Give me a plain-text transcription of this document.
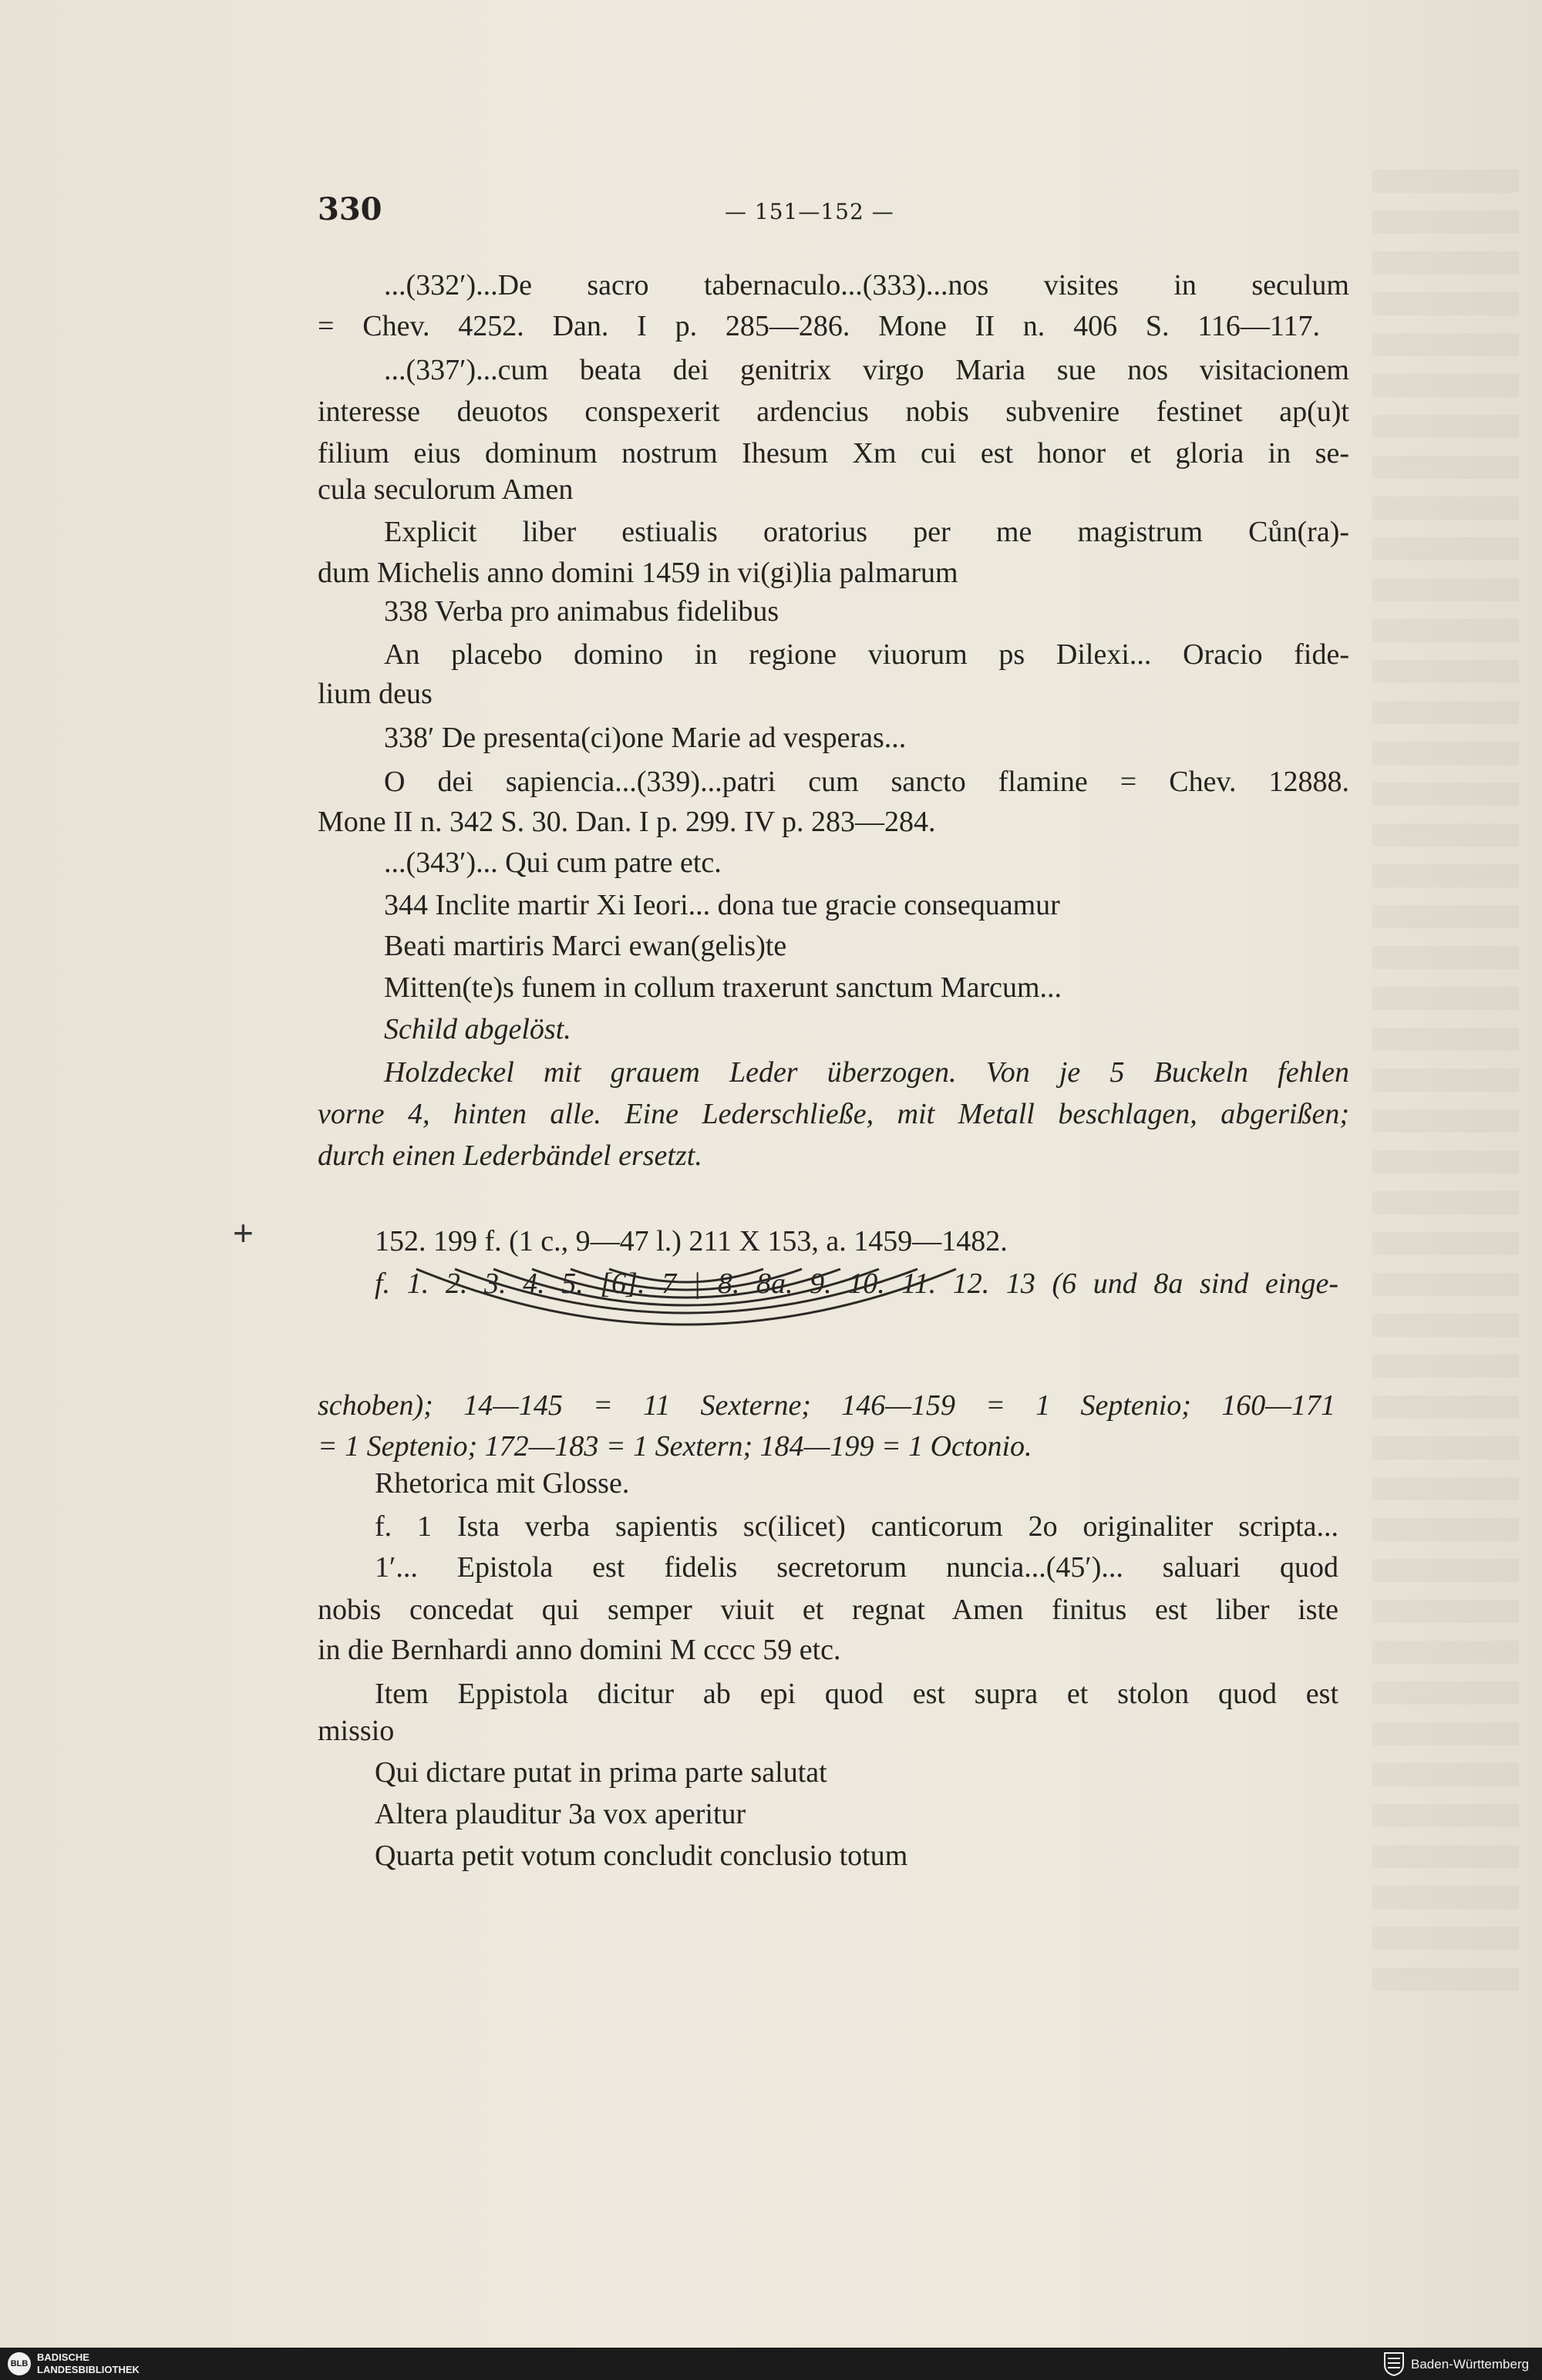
330	— 151—152 —
...(332′)...De sacro tabernaculo...(333)...nos visites in seculum
= Chev. 4252. Dan. I p. 285—286. Mone II n. 406 S. 116—117.
...(337′)...cum beata dei genitrix virgo Maria sue nos visitacionem
interesse deuotos conspexerit ardencius nobis subvenire festinet ap(u)t
filium eius dominum nostrum Ihesum Xm cui est honor et gloria in se-
cula seculorum Amen
Explicit liber estiualis oratorius per me magistrum Cůn(ra)-
dum Michelis anno domini 1459 in vi(gi)lia palmarum
338 Verba pro animabus fidelibus
An placebo domino in regione viuorum ps Dilexi... Oracio fide-
lium deus
338′ De presenta(ci)one Marie ad vesperas...
O dei sapiencia...(339)...patri cum sancto flamine = Chev. 12888.
Mone II n. 342 S. 30. Dan. I p. 299. IV p. 283—284.
...(343′)... Qui cum patre etc.
344 Inclite martir Xi Ieori... dona tue gracie consequamur
Beati martiris Marci ewan(gelis)te
Mitten(te)s funem in collum traxerunt sanctum Marcum...
Schild abgelöst.
Holzdeckel mit grauem Leder überzogen. Von je 5 Buckeln fehlen
vorne 4, hinten alle. Eine Lederschließe, mit Metall beschlagen, abgerißen;
durch einen Lederbändel ersetzt.
152. 199 f. (1 c., 9—47 l.) 211 X 153, a. 1459—1482.
f. 1. 2. 3. 4. 5. [6]. 7 | 8. 8a. 9. 10. 11. 12. 13 (6 und 8a sind einge-
schoben); 14—145 = 11 Sexterne; 146—159 = 1 Septenio; 160—171
= 1 Septenio; 172—183 = 1 Sextern; 184—199 = 1 Octonio.
Rhetorica mit Glosse.
f. 1 Ista verba sapientis sc(ilicet) canticorum 2o originaliter scripta...
1′... Epistola est fidelis secretorum nuncia...(45′)... saluari quod
nobis concedat qui semper viuit et regnat Amen finitus est liber iste
in die Bernhardi anno domini M cccc 59 etc.
Item Eppistola dicitur ab epi quod est supra et stolon quod est
missio
Qui dictare putat in prima parte salutat
Altera plauditur 3a vox aperitur
Quarta petit votum concludit conclusio totum
+
BLB
BADISCHE
LANDESBIBLIOTHEK	Baden-Württemberg
